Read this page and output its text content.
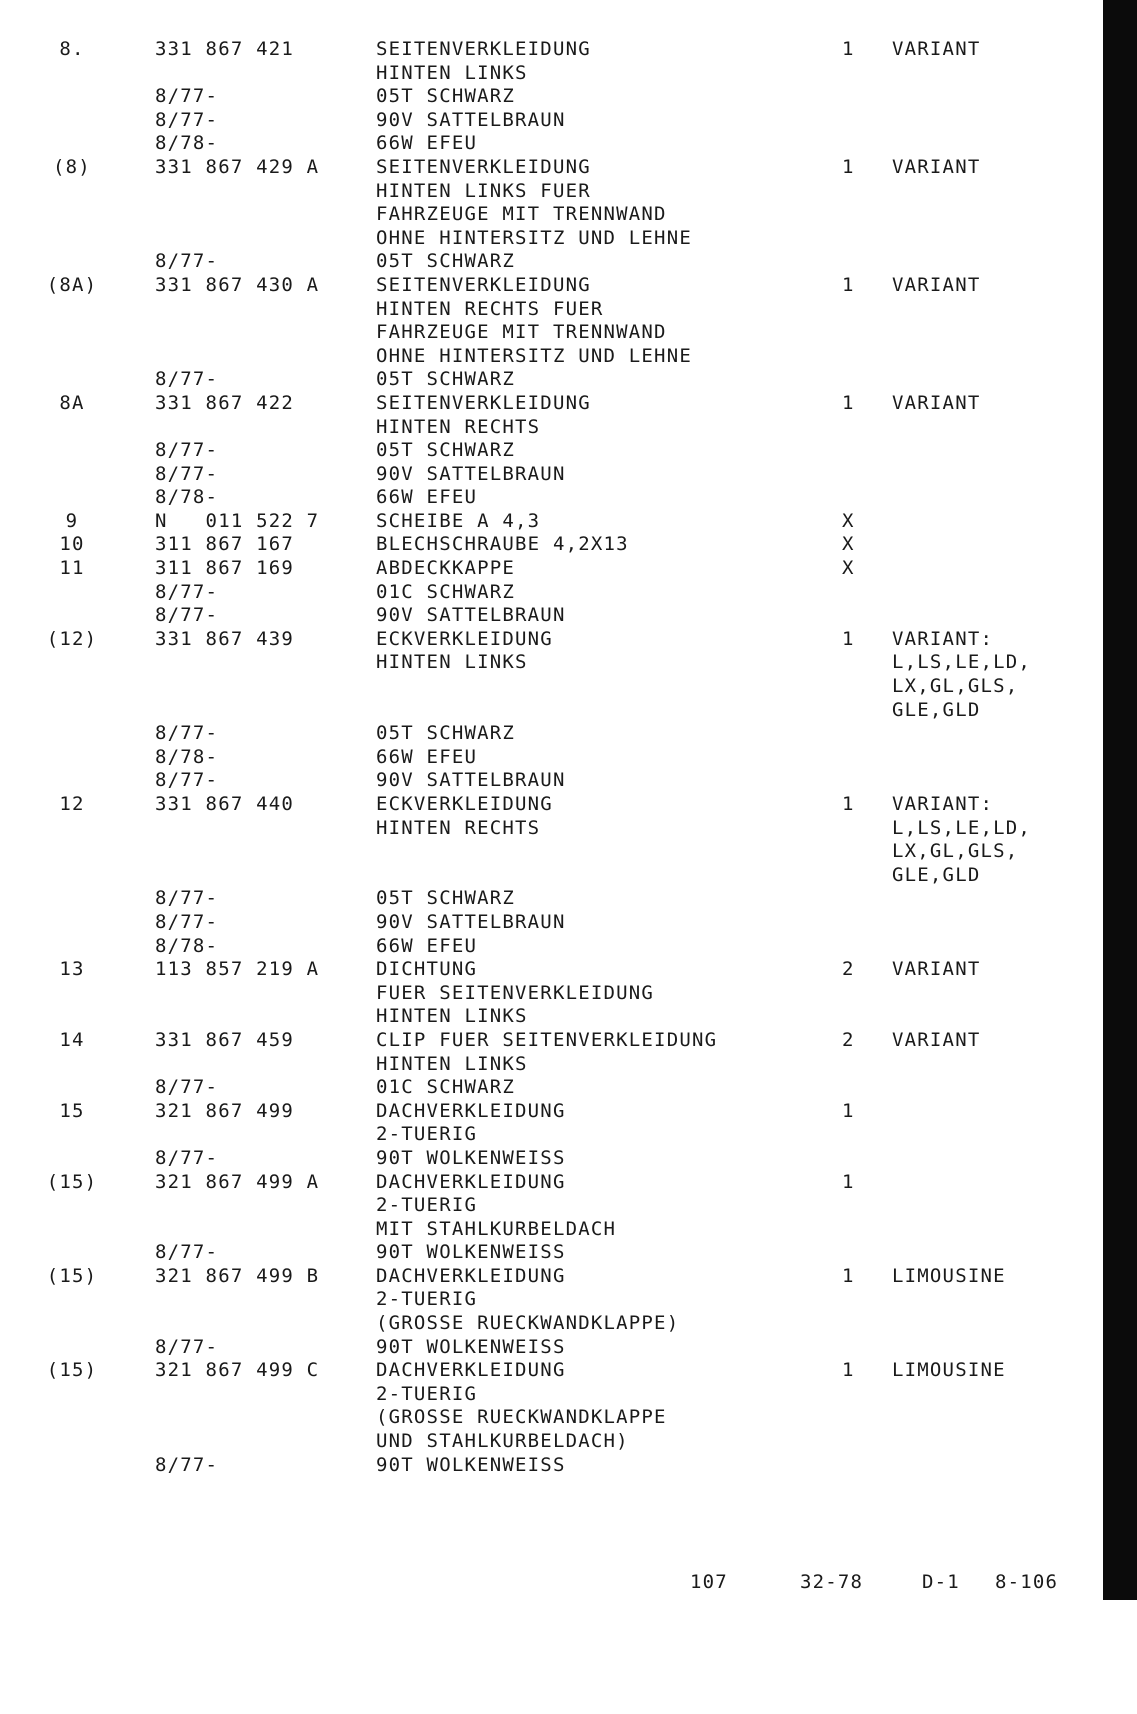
8.	331 867 421	SEITENVERKLEIDUNG	1 VARIANT
HINTEN LINKS
8/77-	05T SCHWARZ
8/77-	90V SATTELBRAUN
8/78-	66W EFEU
(8)	331 867 429 A	SEITENVERKLEIDUNG	1 VARIANT
HINTEN LINKS FUER
FAHRZEUGE MIT TRENNWAND
OHNE HINTERSITZ UND LEHNE
8/77-	05T SCHWARZ
(8A)	331 867 430 A	SEITENVERKLEIDUNG	1 VARIANT
HINTEN RECHTS FUER
FAHRZEUGE MIT TRENNWAND
OHNE HINTERSITZ UND LEHNE
8/77-	05T SCHWARZ
8A	331 867 422	SEITENVERKLEIDUNG	1 VARIANT
HINTEN RECHTS
8/77-	05T SCHWARZ
8/77-	90V SATTELBRAUN
8/78-	66W EFEU
9	N   011 522 7	SCHEIBE A 4,3	X
10	311 867 167	BLECHSCHRAUBE 4,2X13	X
11	311 867 169	ABDECKKAPPE	X
8/77-	01C SCHWARZ
8/77-	90V SATTELBRAUN
(12)	331 867 439	ECKVERKLEIDUNG	1 VARIANT:
HINTEN LINKS	L,LS,LE,LD,
LX,GL,GLS,
GLE,GLD
8/77-	05T SCHWARZ
8/78-	66W EFEU
8/77-	90V SATTELBRAUN
12	331 867 440	ECKVERKLEIDUNG	1 VARIANT:
HINTEN RECHTS	L,LS,LE,LD,
LX,GL,GLS,
GLE,GLD
8/77-	05T SCHWARZ
8/77-	90V SATTELBRAUN
8/78-	66W EFEU
13	113 857 219 A	DICHTUNG	2 VARIANT
FUER SEITENVERKLEIDUNG
HINTEN LINKS
14	331 867 459	CLIP FUER SEITENVERKLEIDUNG	2 VARIANT
HINTEN LINKS
8/77-	01C SCHWARZ
15	321 867 499	DACHVERKLEIDUNG	1
2-TUERIG
8/77-	90T WOLKENWEISS
(15)	321 867 499 A	DACHVERKLEIDUNG	1
2-TUERIG
MIT STAHLKURBELDACH
8/77-	90T WOLKENWEISS
(15)	321 867 499 B	DACHVERKLEIDUNG	1 LIMOUSINE
2-TUERIG
(GROSSE RUECKWANDKLAPPE)
8/77-	90T WOLKENWEISS
(15)	321 867 499 C	DACHVERKLEIDUNG	1 LIMOUSINE
2-TUERIG
(GROSSE RUECKWANDKLAPPE
UND STAHLKURBELDACH)
8/77-	90T WOLKENWEISS

107

	32-78

	D-1

8-106
